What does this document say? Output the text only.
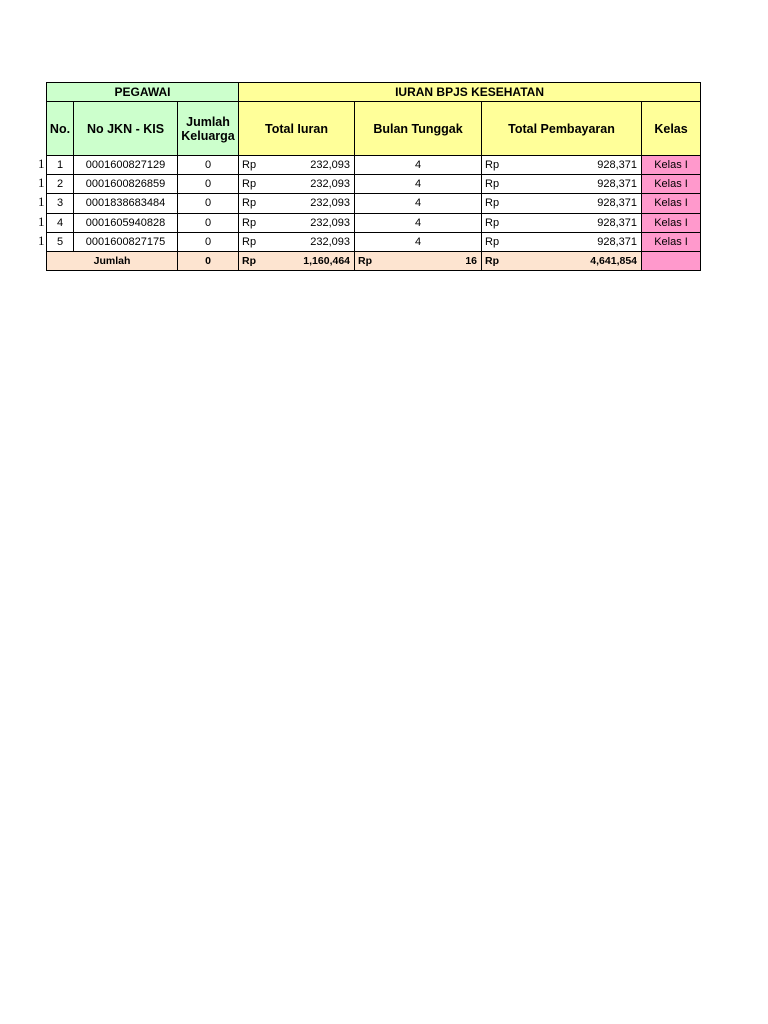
1
1
1
1
1
PEGAWAI			IURAN BPJS KESEHATAN			
No.	No JKN - KIS	Jumlah Keluarga	Total Iuran	Bulan Tunggak	Total Pembayaran	Kelas
1	0001600827129	0	Rp 232,093	4	Rp 928,371	Kelas I
2	0001600826859	0	Rp 232,093	4	Rp 928,371	Kelas I
3	0001838683484	0	Rp 232,093	4	Rp 928,371	Kelas I
4	0001605940828	0	Rp 232,093	4	Rp 928,371	Kelas I
5	0001600827175	0	Rp 232,093	4	Rp 928,371	Kelas I
Jumlah		0	Rp 1,160,464	Rp 16	Rp 4,641,854	
